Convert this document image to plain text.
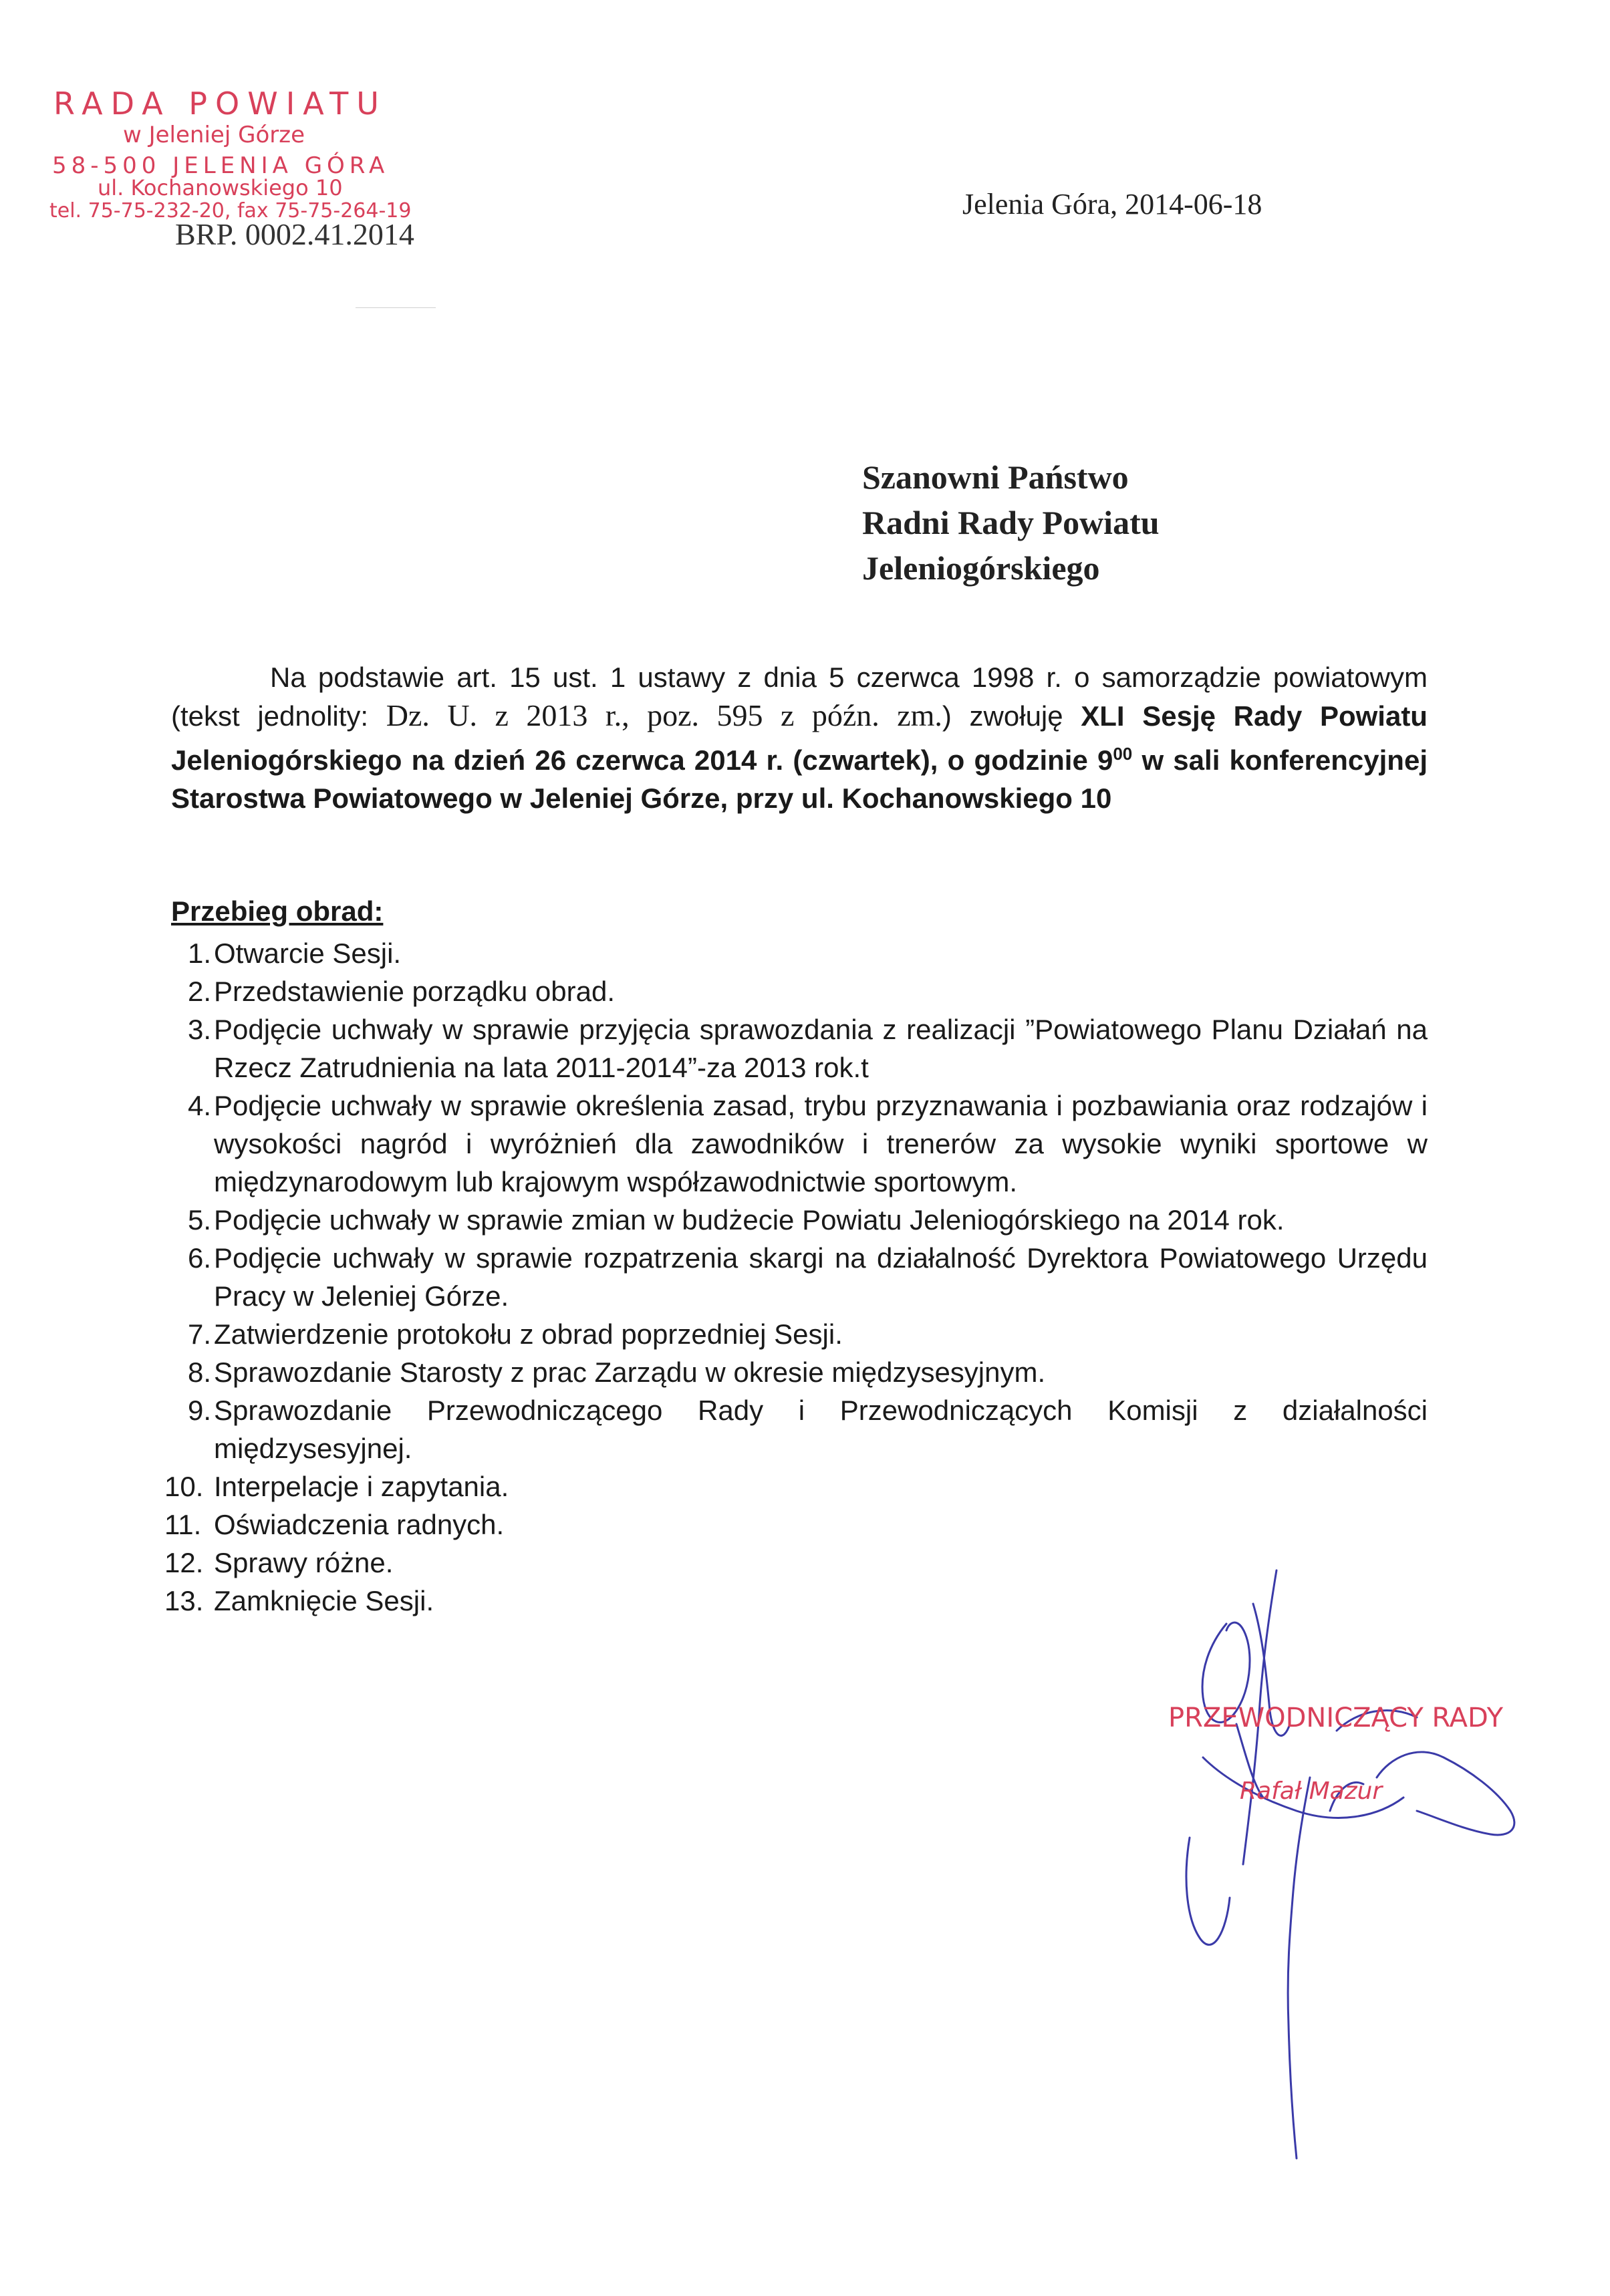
RADA POWIATU
w Jeleniej Górze
58-500 JELENIA GÓRA
ul. Kochanowskiego 10
tel. 75-75-232-20, fax 75-75-264-19
BRP. 0002.41.2014
Jelenia Góra, 2014-06-18
Szanowni Państwo
Radni Rady Powiatu
Jeleniogórskiego

Na podstawie art. 15 ust. 1 ustawy z dnia 5 czerwca 1998 r. o samorządzie powiatowym (tekst jednolity: Dz. U. z 2013 r., poz. 595 z późn. zm.) zwołuję XLI Sesję Rady Powiatu Jeleniogórskiego na dzień 26 czerwca 2014 r. (czwartek), o godzinie $9^{00}$ w sali konferencyjnej Starostwa Powiatowego w Jeleniej Górze, przy ul. Kochanowskiego 10

Przebieg obrad:
1. Otwarcie Sesji.
2. Przedstawienie porządku obrad.
3. Podjęcie uchwały w sprawie przyjęcia sprawozdania z realizacji ”Powiatowego Planu Działań na Rzecz Zatrudnienia na lata 2011-2014”-za 2013 rok.t
4. Podjęcie uchwały w sprawie określenia zasad, trybu przyznawania i pozbawiania oraz rodzajów i wysokości nagród i wyróżnień dla zawodników i trenerów za wysokie wyniki sportowe w międzynarodowym lub krajowym współzawodnictwie sportowym.
5. Podjęcie uchwały w sprawie zmian w budżecie Powiatu Jeleniogórskiego na 2014 rok.
6. Podjęcie uchwały w sprawie rozpatrzenia skargi na działalność Dyrektora Powiatowego Urzędu Pracy w Jeleniej Górze.
7. Zatwierdzenie protokołu z obrad poprzedniej Sesji.
8. Sprawozdanie Starosty z prac Zarządu w okresie międzysesyjnym.
9. Sprawozdanie Przewodniczącego Rady i Przewodniczących Komisji z działalności międzysesyjnej.
10. Interpelacje i zapytania.
11. Oświadczenia radnych.
12. Sprawy różne.
13. Zamknięcie Sesji.
PRZEWODNICZĄCY RADY
Rafał Mazur
